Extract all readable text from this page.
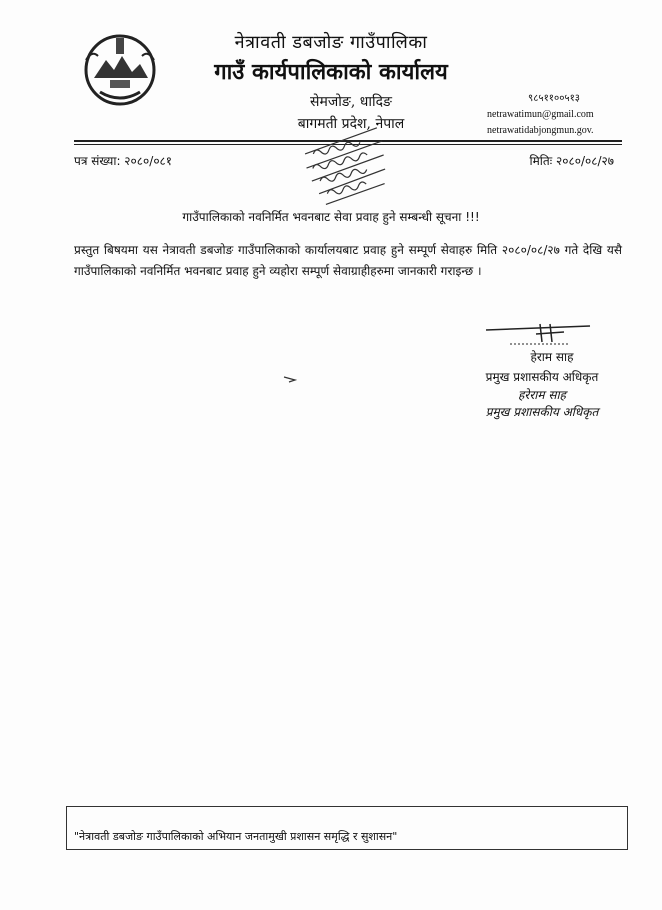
नेत्रावती डबजोङ गाउँपालिका
गाउँ कार्यपालिकाको कार्यालय
सेमजोङ, धादिङ
बागमती प्रदेश, नेपाल
९८५११००५१३
netrawatimun@gmail.com
netrawatidabjongmun.gov.
पत्र संख्या: २०८०/०८१	मितिः २०८०/०८/२७
गाउँपालिकाको नवनिर्मित भवनबाट सेवा प्रवाह हुने सम्बन्धी सूचना !!!
प्रस्तुत बिषयमा यस नेत्रावती डबजोङ गाउँपालिकाको कार्यालयबाट प्रवाह हुने सम्पूर्ण सेवाहरु मिति २०८०/०८/२७ गते देखि यसै गाउँपालिकाको नवनिर्मित भवनबाट प्रवाह हुने व्यहोरा सम्पूर्ण सेवाग्राहीहरुमा जानकारी गराइन्छ ।
हेराम साह
प्रमुख प्रशासकीय अधिकृत
हरेराम साह
प्रमुख प्रशासकीय अधिकृत
"नेत्रावती डबजोङ गाउँपालिकाको अभियान जनतामुखी प्रशासन समृद्धि र सुशासन"
